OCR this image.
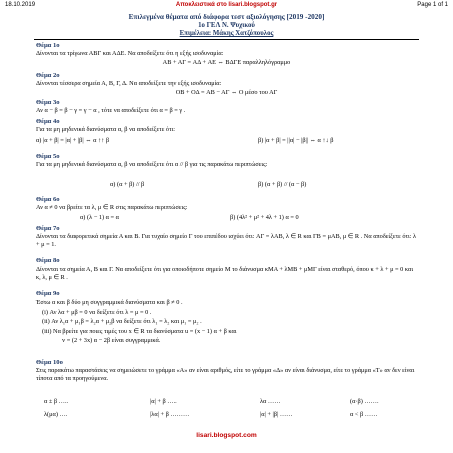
18.10.2019	Αποκλειστικά στο lisari.blogspot.gr	Page 1 of 1
Επιλεγμένα θέματα από διάφορα τεστ αξιολόγησης [2019 -2020]
1ο ΓΕΛ Ν. Ψυχικού
Επιμέλεια: Μάκης Χατζόπουλος
Θέμα 1ο
Δίνονται τα τρίγωνα ΑΒΓ και ΑΔΕ. Να αποδείξετε ότι η εξής ισοδυναμία:
AB + AΓ = AΔ + AE ⇔ BΔΓE παραλληλόγραμμο
Θέμα 2ο
Δίνονται τέσσερα σημεία Α, Β, Γ, Δ. Να αποδείξετε την εξής ισοδυναμία:
OB + OΔ = AB − AΓ ⇔ O μέσο του ΑΓ
Θέμα 3ο
Αν α − β = β − γ = γ − α , τότε να αποδείξετε ότι α = β = γ .
Θέμα 4ο
Για τα μη μηδενικά διανύσματα α, β να αποδείξετε ότι:
α) |α + β| = |α| + |β| ⇔ α ↑↑ β	β) |α + β| = ||α| − |β|| ⇔ α ↑↓ β
Θέμα 5ο
Για τα μη μηδενικά διανύσματα α, β να αποδείξετε ότι α // β για τις παρακάτω περιπτώσεις:
α) (α + β) // β	β) (α + β) // (α − β)
Θέμα 6ο
Αν α ≠ 0 να βρείτε τα λ, μ ∈ R στις παρακάτω περιπτώσεις:
α) (λ − 1) α = α	β) (4λ² + μ² + 4λ + 1) α = 0
Θέμα 7ο
Δίνονται τα διαφορετικά σημεία Α και Β. Για τυχαίο σημείο Γ του επιπέδου ισχύει ότι: AΓ = λAB, λ ∈ R και ΓB = μAB, μ ∈ R . Να αποδείξετε ότι: λ + μ = 1.
Θέμα 8ο
Δίνονται τα σημεία Α, Β και Γ. Να αποδείξετε ότι για οποιοδήποτε σημείο Μ το διάνυσμα κMA + λMB + μMΓ είναι σταθερό, όπου κ + λ + μ = 0 και κ, λ, μ ∈ R .
Θέμα 9ο
Έστω α και β δύο μη συγγραμμικά διανύσματα και β ≠ 0 .
(i) Αν λα + μβ = 0 να δείξετε ότι λ = μ = 0 .
(ii) Αν λ₁α + μ₁β = λ₂α + μ₂β να δείξετε ότι λ₁ = λ₂ και μ₁ = μ₂ .
(iii) Να βρείτε για ποιες τιμές του x ∈ R τα διανύσματα u = (x − 1) α + β και
v = (2 + 3x) α − 2β είναι συγγραμμικά.
Θέμα 10ο
Στις παρακάτω παραστάσεις να σημειώσετε το γράμμα «Α» αν είναι αριθμός, είτε το γράμμα «Δ» αν είναι διάνυσμα, είτε το γράμμα «Τ» αν δεν είναι τίποτα από τα προηγούμενα.
α ± β …..	|α| + β …..	λα ……	(α·β) …….
λ(μα) ….	|λα| + β ………	|α| + |β| ……	α < β ……
lisari.blogspot.com
